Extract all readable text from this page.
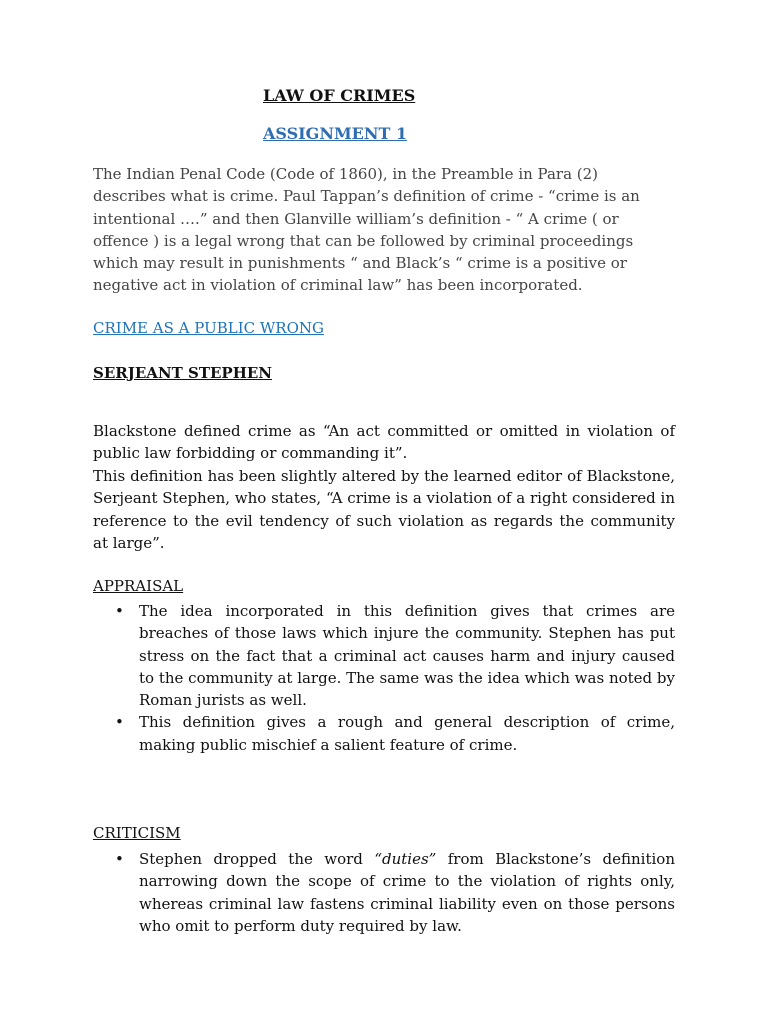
LAW OF CRIMES

ASSIGNMENT 1

The Indian Penal Code (Code of 1860), in the Preamble in Para (2) describes what is crime. Paul Tappan’s definition of crime - “crime is an intentional ….” and then Glanville william’s definition - “ A crime ( or offence ) is a legal wrong that can be followed by criminal proceedings which may result in punishments “ and Black’s “ crime is a positive or negative act in violation of criminal law” has been incorporated.

CRIME AS A PUBLIC WRONG

SERJEANT STEPHEN

Blackstone defined crime as “An act committed or omitted in violation of public law forbidding or commanding it”.

This definition has been slightly altered by the learned editor of Blackstone, Serjeant Stephen, who states, “A crime is a violation of a right considered in reference to the evil tendency of such violation as regards the community at large”.

APPRAISAL

• The idea incorporated in this definition gives that crimes are breaches of those laws which injure the community. Stephen has put stress on the fact that a criminal act causes harm and injury caused to the community at large. The same was the idea which was noted by Roman jurists as well.
• This definition gives a rough and general description of crime, making public mischief a salient feature of crime.

CRITICISM

• Stephen dropped the word “duties” from Blackstone’s definition narrowing down the scope of crime to the violation of rights only, whereas criminal law fastens criminal liability even on those persons who omit to perform duty required by law.
